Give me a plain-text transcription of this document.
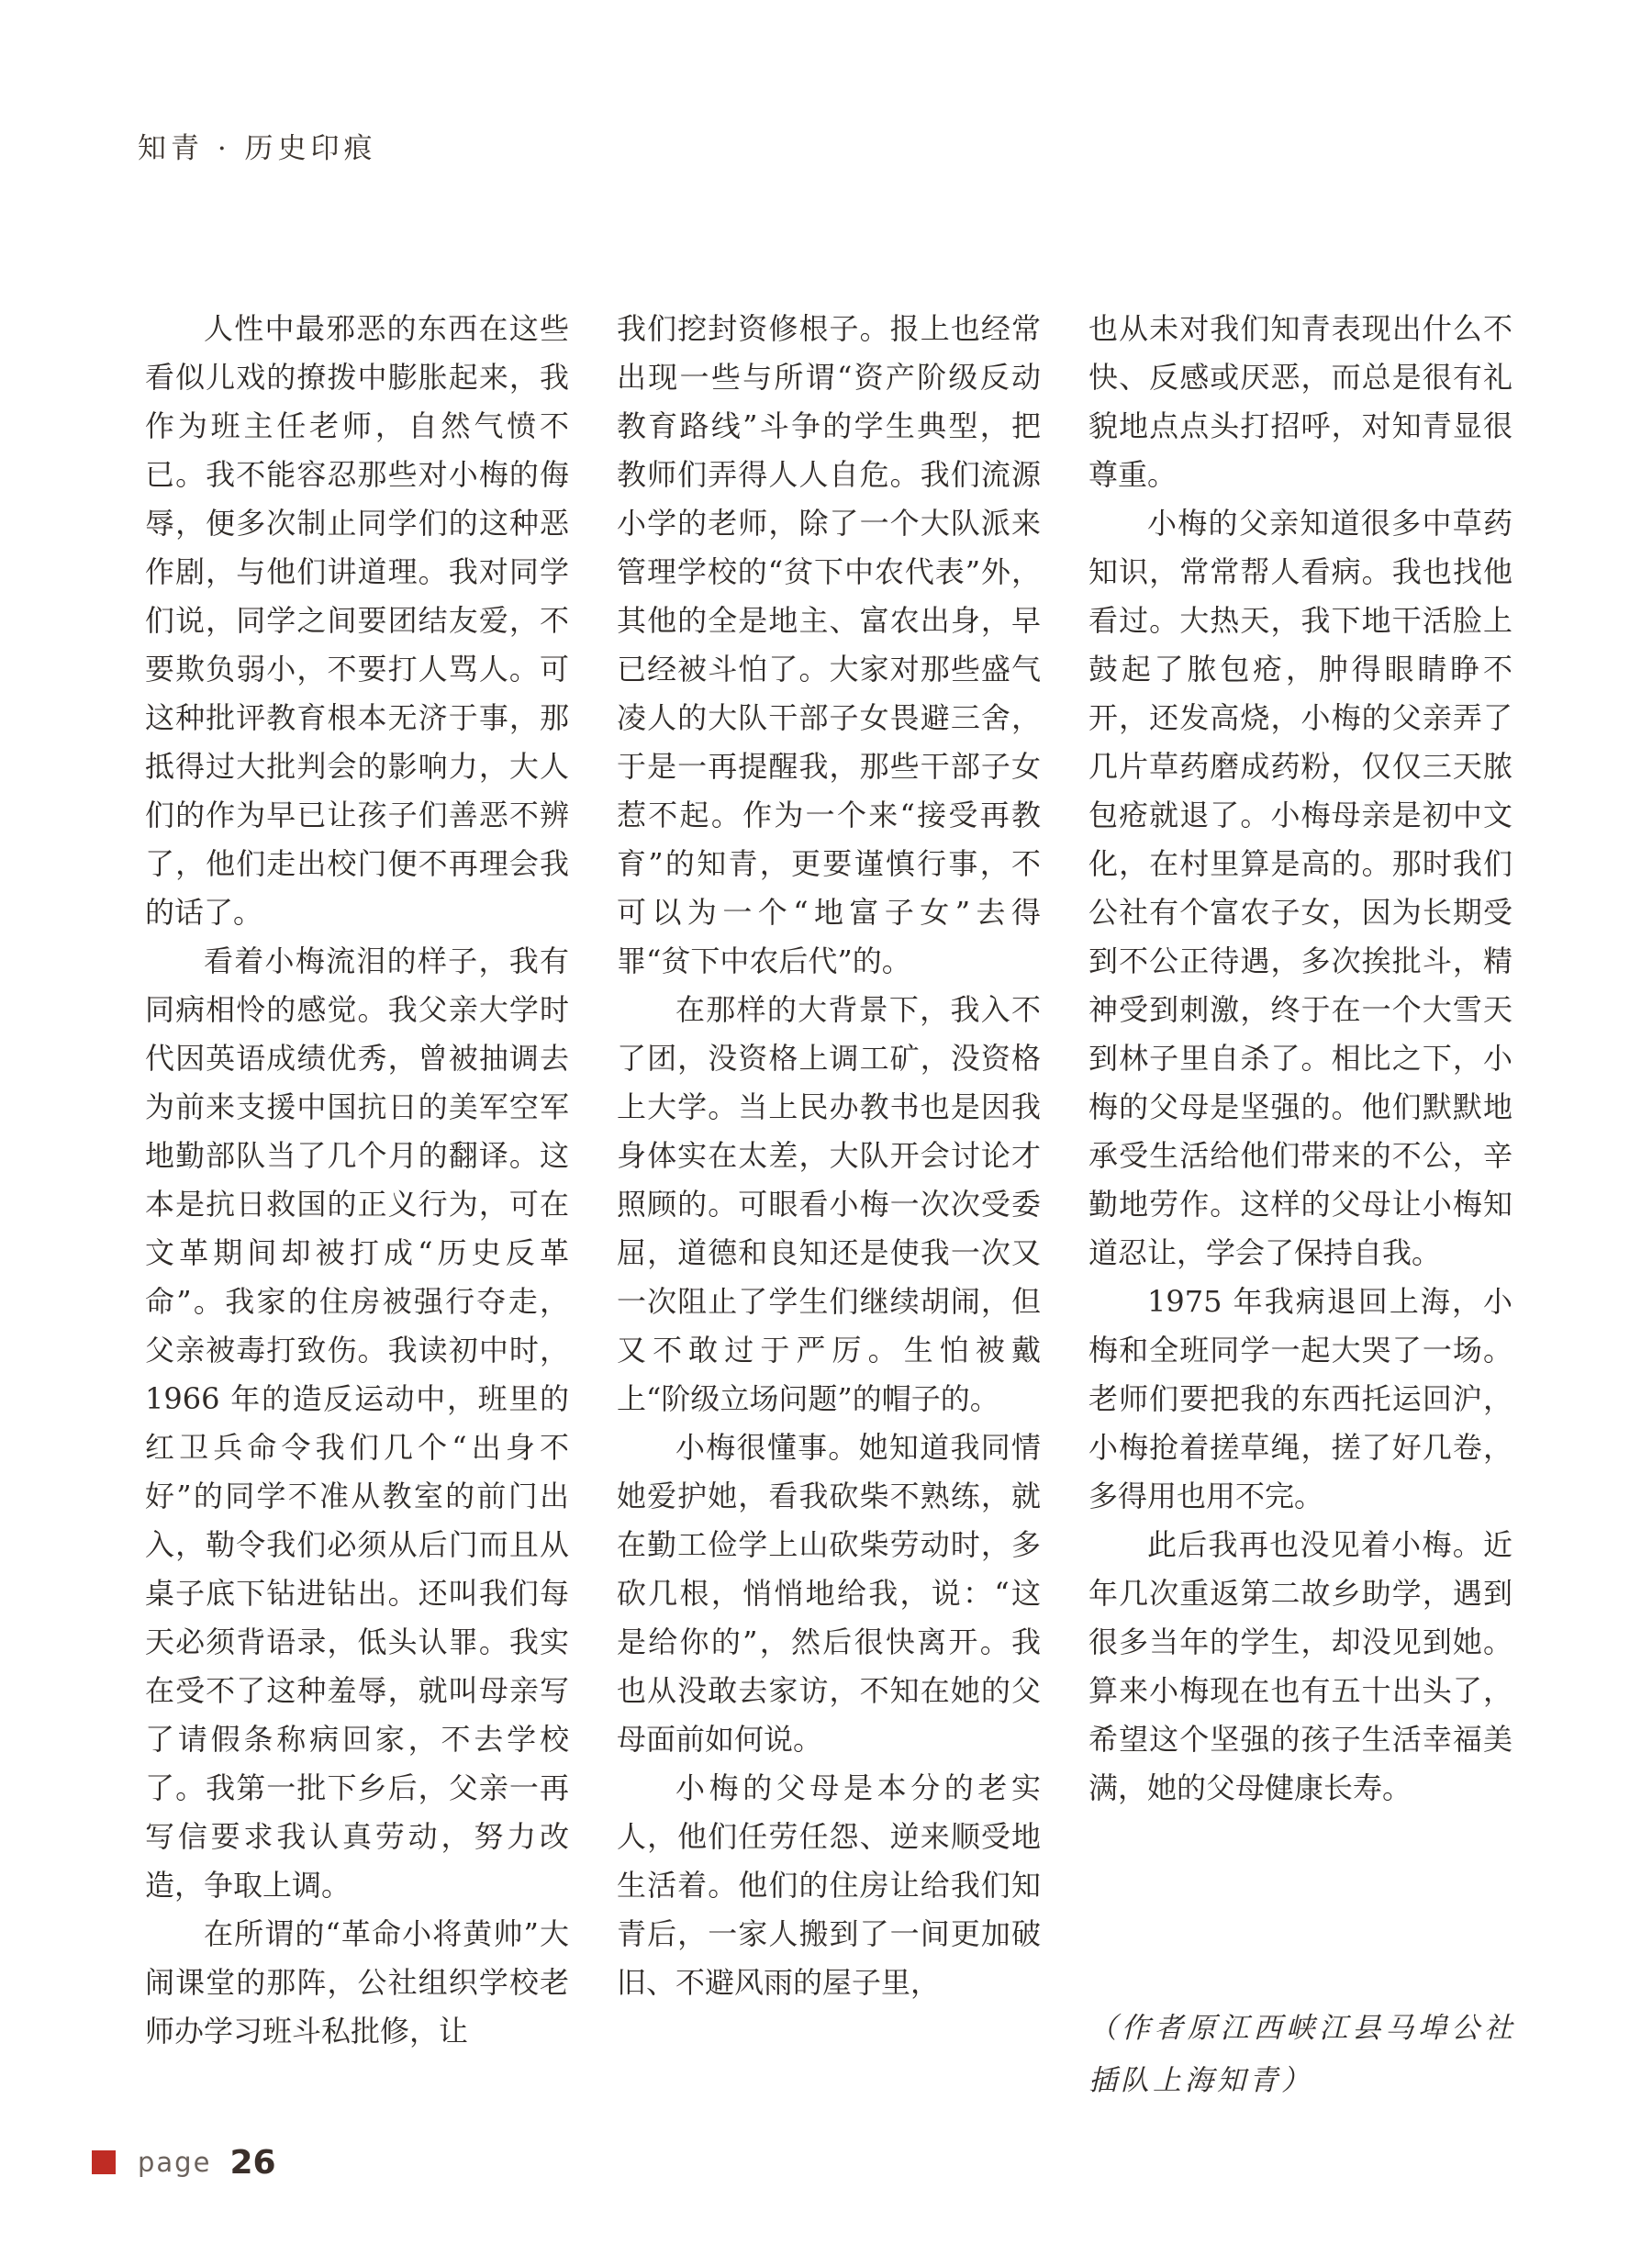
知青 · 历史印痕

人性中最邪恶的东西在这些看似儿戏的撩拨中膨胀起来，我作为班主任老师，自然气愤不已。我不能容忍那些对小梅的侮辱，便多次制止同学们的这种恶作剧，与他们讲道理。我对同学们说，同学之间要团结友爱，不要欺负弱小，不要打人骂人。可这种批评教育根本无济于事，那抵得过大批判会的影响力，大人们的作为早已让孩子们善恶不辨了，他们走出校门便不再理会我的话了。

看着小梅流泪的样子，我有同病相怜的感觉。我父亲大学时代因英语成绩优秀，曾被抽调去为前来支援中国抗日的美军空军地勤部队当了几个月的翻译。这本是抗日救国的正义行为，可在文革期间却被打成“历史反革命”。我家的住房被强行夺走，父亲被毒打致伤。我读初中时，1966 年的造反运动中，班里的红卫兵命令我们几个“出身不好”的同学不准从教室的前门出入，勒令我们必须从后门而且从桌子底下钻进钻出。还叫我们每天必须背语录，低头认罪。我实在受不了这种羞辱，就叫母亲写了请假条称病回家，不去学校了。我第一批下乡后，父亲一再写信要求我认真劳动，努力改造，争取上调。

在所谓的“革命小将黄帅”大闹课堂的那阵，公社组织学校老师办学习班斗私批修，让

我们挖封资修根子。报上也经常出现一些与所谓“资产阶级反动教育路线”斗争的学生典型，把教师们弄得人人自危。我们流源小学的老师，除了一个大队派来管理学校的“贫下中农代表”外，其他的全是地主、富农出身，早已经被斗怕了。大家对那些盛气凌人的大队干部子女畏避三舍，于是一再提醒我，那些干部子女惹不起。作为一个来“接受再教育”的知青，更要谨慎行事，不可以为一个“地富子女”去得罪“贫下中农后代”的。

在那样的大背景下，我入不了团，没资格上调工矿，没资格上大学。当上民办教书也是因我身体实在太差，大队开会讨论才照顾的。可眼看小梅一次次受委屈，道德和良知还是使我一次又一次阻止了学生们继续胡闹，但又不敢过于严厉。生怕被戴上“阶级立场问题”的帽子的。

小梅很懂事。她知道我同情她爱护她，看我砍柴不熟练，就在勤工俭学上山砍柴劳动时，多砍几根，悄悄地给我，说：“这是给你的”，然后很快离开。我也从没敢去家访，不知在她的父母面前如何说。

小梅的父母是本分的老实人，他们任劳任怨、逆来顺受地生活着。他们的住房让给我们知青后，一家人搬到了一间更加破旧、不避风雨的屋子里，

也从未对我们知青表现出什么不快、反感或厌恶，而总是很有礼貌地点点头打招呼，对知青显很尊重。

小梅的父亲知道很多中草药知识，常常帮人看病。我也找他看过。大热天，我下地干活脸上鼓起了脓包疮，肿得眼睛睁不开，还发高烧，小梅的父亲弄了几片草药磨成药粉，仅仅三天脓包疮就退了。小梅母亲是初中文化，在村里算是高的。那时我们公社有个富农子女，因为长期受到不公正待遇，多次挨批斗，精神受到刺激，终于在一个大雪天到林子里自杀了。相比之下，小梅的父母是坚强的。他们默默地承受生活给他们带来的不公，辛勤地劳作。这样的父母让小梅知道忍让，学会了保持自我。

1975 年我病退回上海，小梅和全班同学一起大哭了一场。老师们要把我的东西托运回沪，小梅抢着搓草绳，搓了好几卷，多得用也用不完。

此后我再也没见着小梅。近年几次重返第二故乡助学，遇到很多当年的学生，却没见到她。算来小梅现在也有五十出头了，希望这个坚强的孩子生活幸福美满，她的父母健康长寿。

（作者原江西峡江县马埠公社插队上海知青）
page 26
